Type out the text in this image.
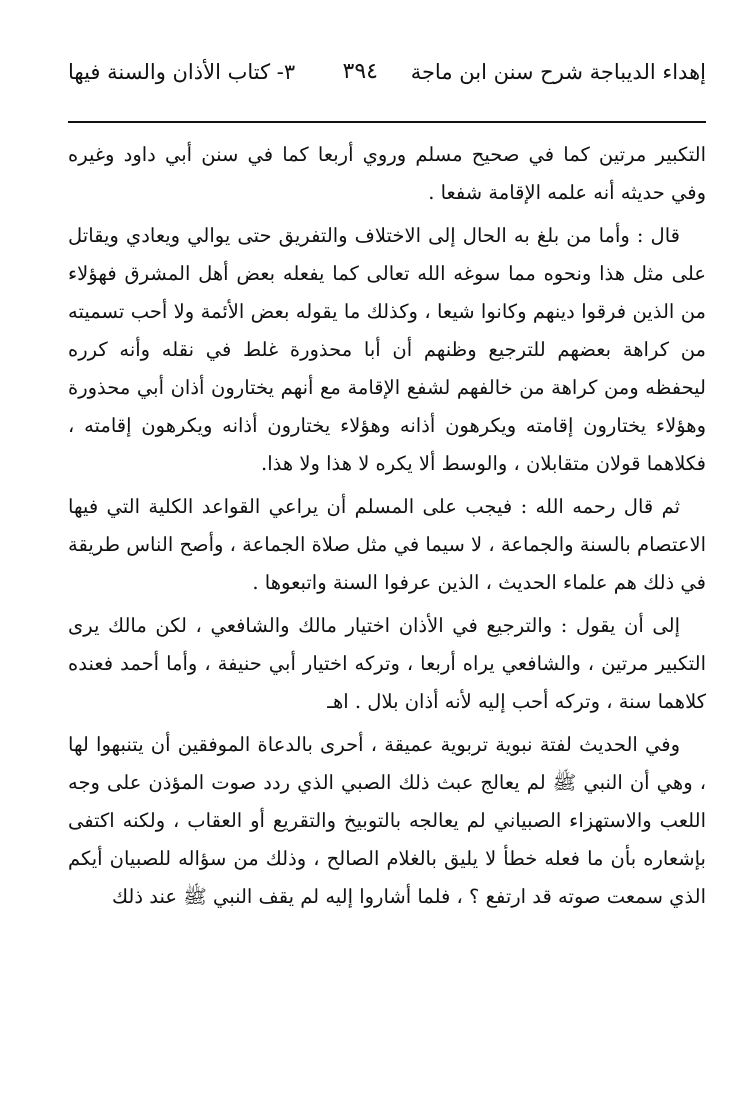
إهداء الديباجة شرح سنن ابن ماجة
٣٩٤
٣- كتاب الأذان والسنة فيها

التكبير مرتين كما في صحيح مسلم وروي أربعا كما في سنن أبي داود وغيره وفي حديثه أنه علمه الإقامة شفعا .

قال : وأما من بلغ به الحال إلى الاختلاف والتفريق حتى يوالي ويعادي ويقاتل على مثل هذا ونحوه مما سوغه الله تعالى كما يفعله بعض أهل المشرق فهؤلاء من الذين فرقوا دينهم وكانوا شيعا ، وكذلك ما يقوله بعض الأئمة ولا أحب تسميته من كراهة بعضهم للترجيع وظنهم أن أبا محذورة غلط في نقله وأنه كرره ليحفظه ومن كراهة من خالفهم لشفع الإقامة مع أنهم يختارون أذان أبي محذورة وهؤلاء يختارون إقامته ويكرهون أذانه وهؤلاء يختارون أذانه ويكرهون إقامته ، فكلاهما قولان متقابلان ، والوسط ألا يكره لا هذا ولا هذا.

ثم قال رحمه الله : فيجب على المسلم أن يراعي القواعد الكلية التي فيها الاعتصام بالسنة والجماعة ، لا سيما في مثل صلاة الجماعة ، وأصح الناس طريقة في ذلك هم علماء الحديث ، الذين عرفوا السنة واتبعوها .

إلى أن يقول : والترجيع في الأذان اختيار مالك والشافعي ، لكن مالك يرى التكبير مرتين ، والشافعي يراه أربعا ، وتركه اختيار أبي حنيفة ، وأما أحمد فعنده كلاهما سنة ، وتركه أحب إليه لأنه أذان بلال . اهـ

وفي الحديث لفتة نبوية تربوية عميقة ، أحرى بالدعاة الموفقين أن يتنبهوا لها ، وهي أن النبي ﷺ لم يعالج عبث ذلك الصبي الذي ردد صوت المؤذن على وجه اللعب والاستهزاء الصبياني لم يعالجه بالتوبيخ والتقريع أو العقاب ، ولكنه اكتفى بإشعاره بأن ما فعله خطأ لا يليق بالغلام الصالح ، وذلك من سؤاله للصبيان أيكم الذي سمعت صوته قد ارتفع ؟ ، فلما أشاروا إليه لم يقف النبي ﷺ عند ذلك
